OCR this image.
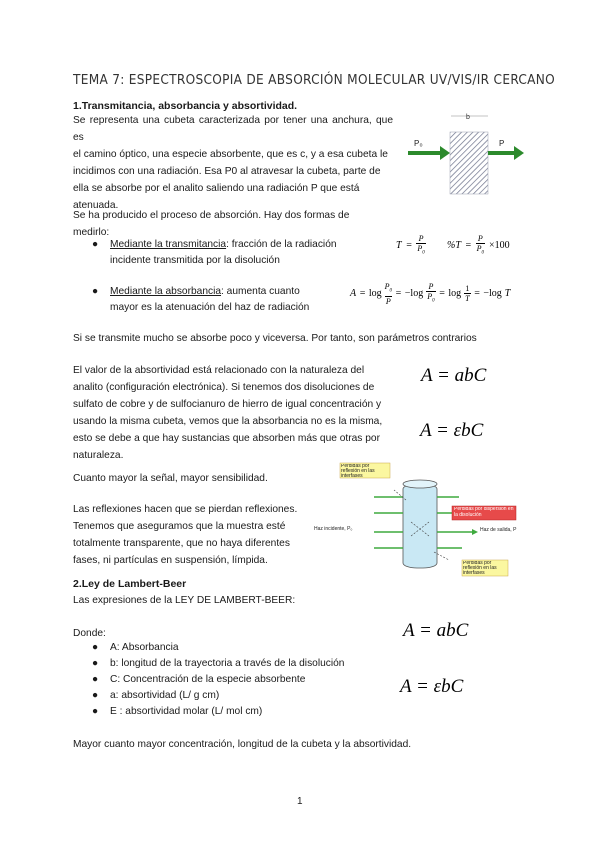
TEMA 7: ESPECTROSCOPIA DE ABSORCIÓN MOLECULAR UV/VIS/IR CERCANO
1.Transmitancia, absorbancia y absortividad.
Se representa una cubeta caracterizada por tener una anchura, que es
el camino óptico, una especie absorbente, que es c, y a esa cubeta le
incidimos con una radiación. Esa P0 al atravesar la cubeta, parte de
ella se absorbe por el analito saliendo una radiación P que está
atenuada.
b
P₀	P
Se ha producido el proceso de absorción. Hay dos formas de
medirlo:
● Mediante la transmitancia: fracción de la radiación
incidente transmitida por la disolución
$T = \frac{P}{P_0} \%T = \frac{P}{P_0} \times 100$
● Mediante la absorbancia: aumenta cuanto
mayor es la atenuación del haz de radiación
$A = \log \frac{P_0}{P} = -\log \frac{P}{P_0} = \log \frac{1}{T} = -\log$ T
Si se transmite mucho se absorbe poco y viceversa. Por tanto, son parámetros contrarios
El valor de la absortividad está relacionado con la naturaleza del
analito (configuración electrónica). Si tenemos dos disoluciones de
sulfato de cobre y de sulfocianuro de hierro de igual concentración y
usando la misma cubeta, vemos que la absorbancia no es la misma,
esto se debe a que hay sustancias que absorben más que otras por
naturaleza.
A = abC
A = εbC
Cuanto mayor la señal, mayor sensibilidad.
Las reflexiones hacen que se pierdan reflexiones.
Tenemos que aseguramos que la muestra esté
totalmente transparente, que no haya diferentes
fases, ni partículas en suspensión, límpida.
Pérdidas por reflexión en las interfases
Pérdidas por dispersión en la disolución
Haz incidente, P₀	Haz de salida, P
Pérdidas por reflexión en las interfases
2.Ley de Lambert-Beer
Las expresiones de la LEY DE LAMBERT-BEER:
Donde:
● A: Absorbancia
● b: longitud de la trayectoria a través de la disolución
● C: Concentración de la especie absorbente
● a: absortividad (L/ g cm)
● E : absortividad molar (L/ mol cm)
A = abC
A = εbC
Mayor cuanto mayor concentración, longitud de la cubeta y la absortividad.
1
